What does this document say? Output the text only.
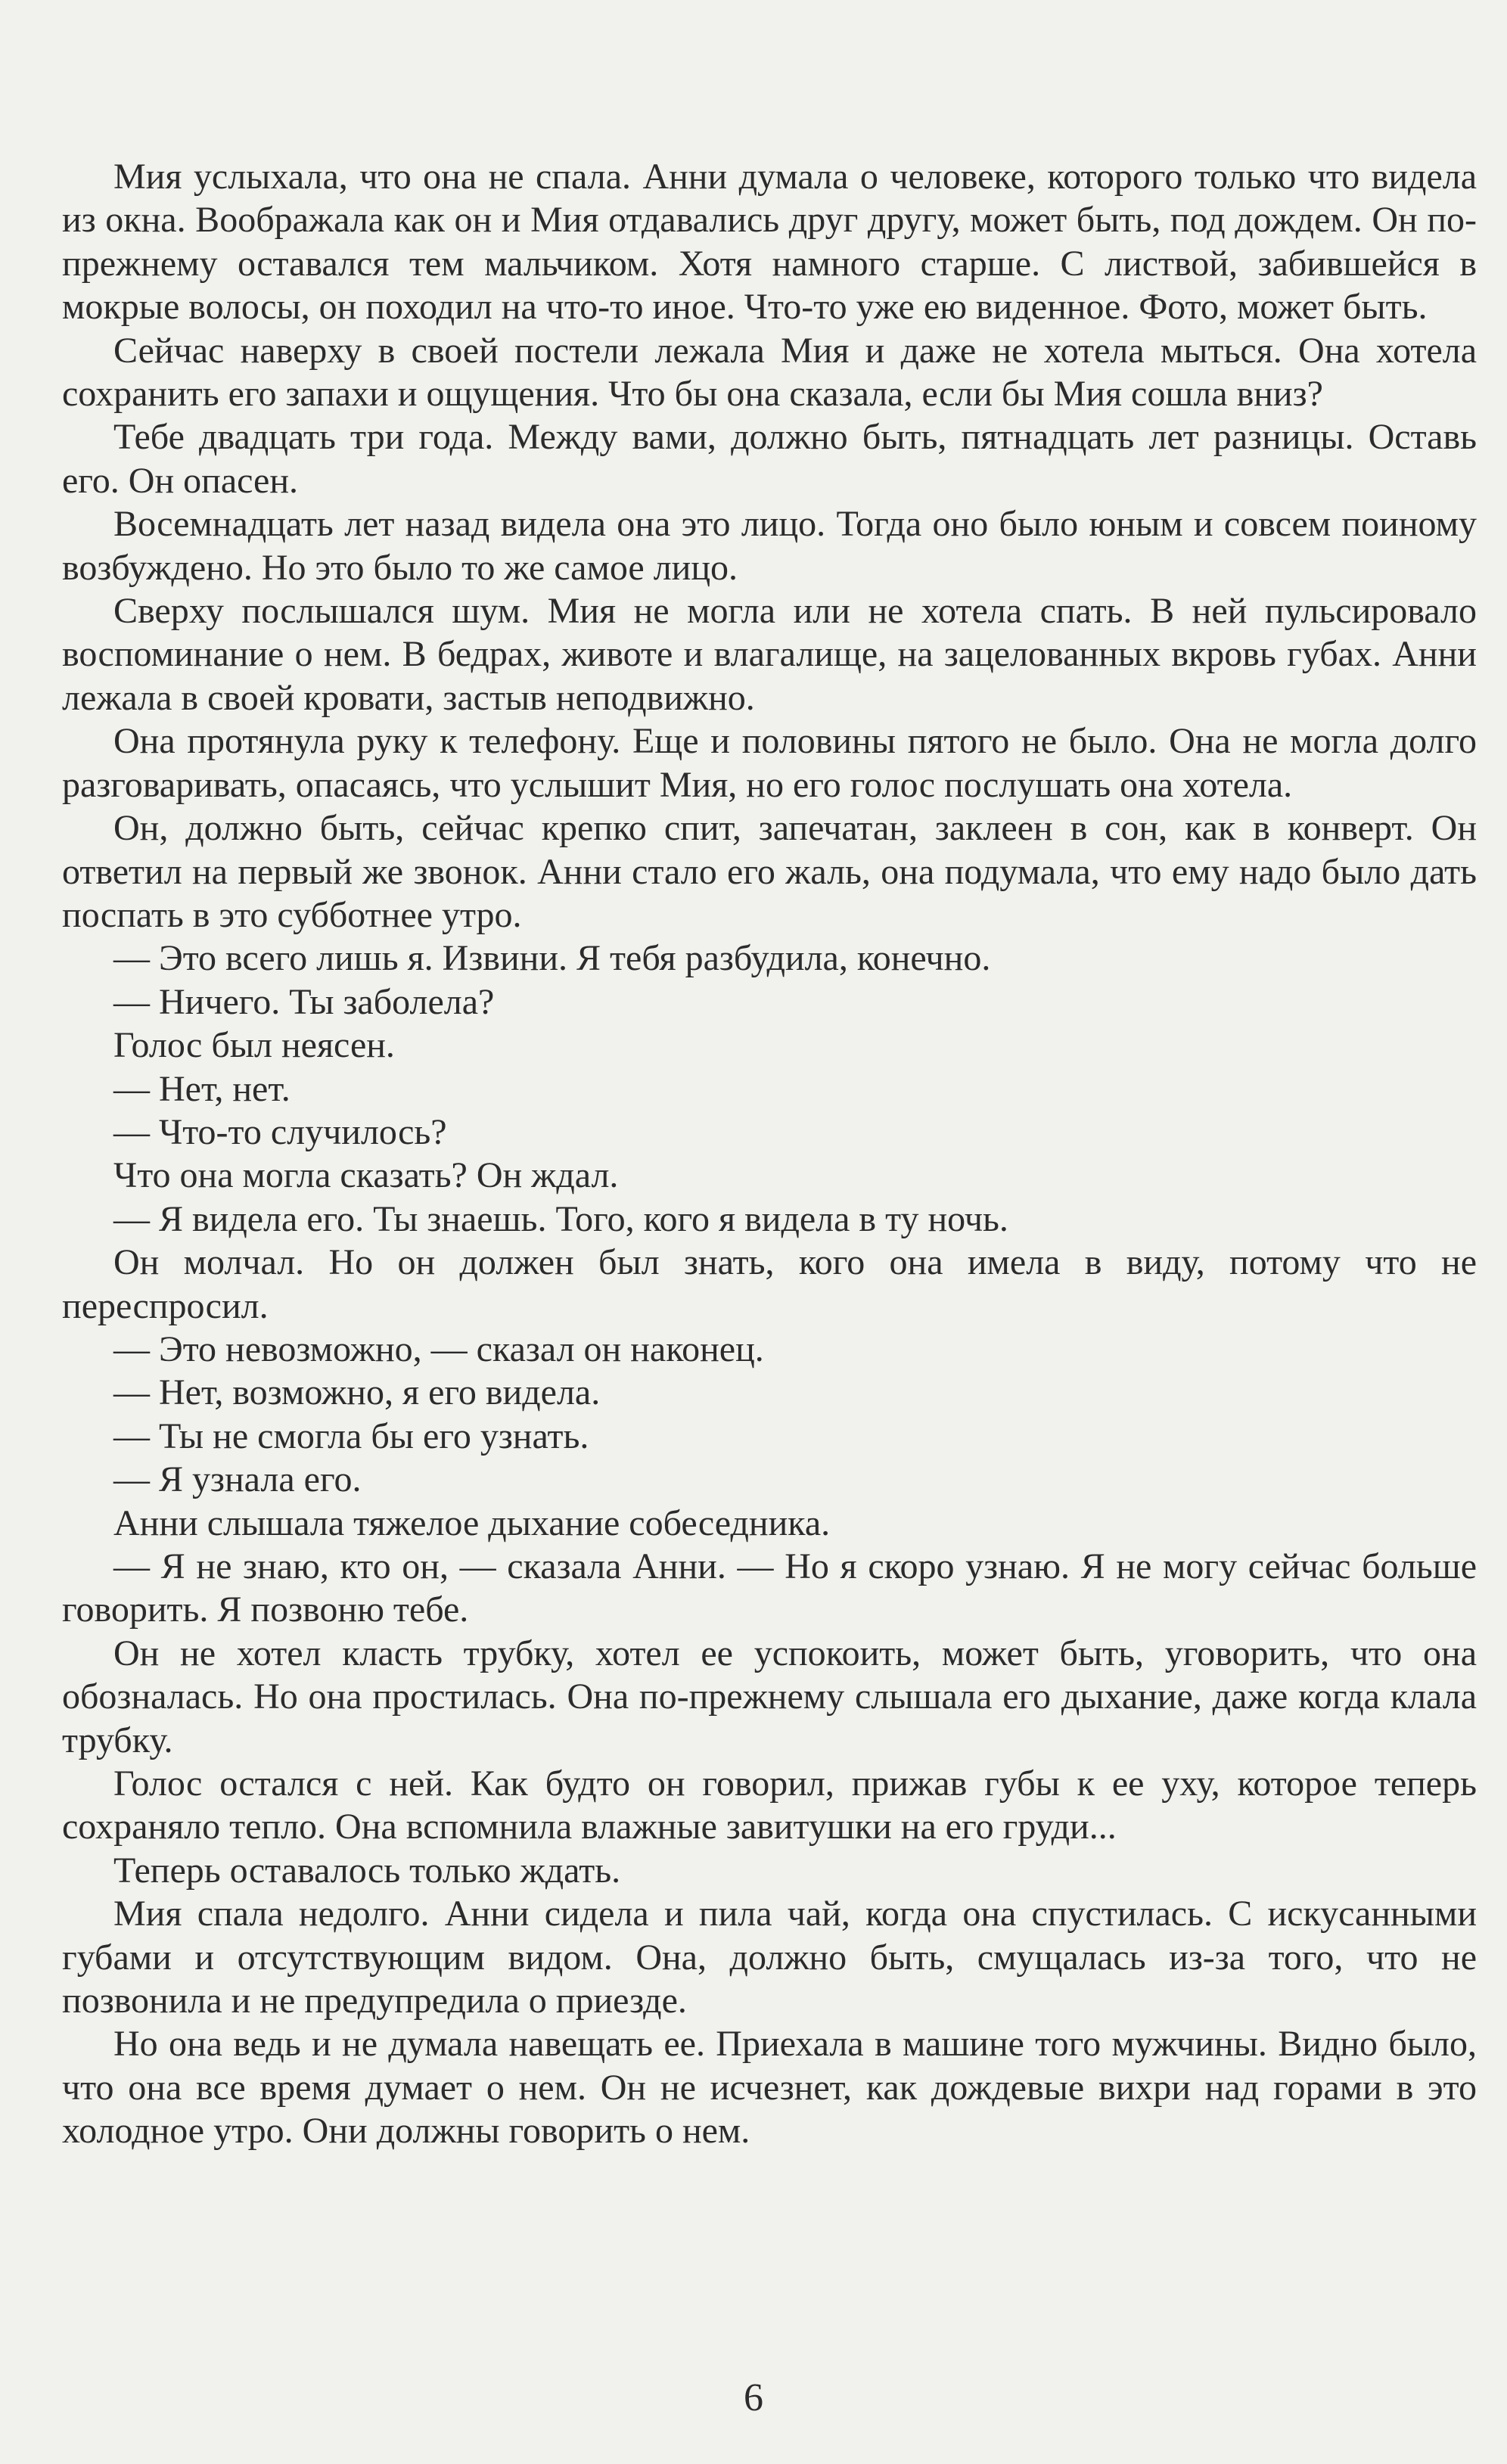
Мия услыхала, что она не спала. Анни думала о человеке, которого только что видела из окна. Воображала как он и Мия отдавались друг другу, может быть, под дождем. Он по-прежнему оставался тем мальчиком. Хотя намного старше. С листвой, забившейся в мокрые волосы, он походил на что-то иное. Что-то уже ею виденное. Фото, может быть.

Сейчас наверху в своей постели лежала Мия и даже не хотела мыться. Она хотела сохранить его запахи и ощущения. Что бы она сказала, если бы Мия сошла вниз?

Тебе двадцать три года. Между вами, должно быть, пятнадцать лет разницы. Оставь его. Он опасен.

Восемнадцать лет назад видела она это лицо. Тогда оно было юным и совсем поиному возбуждено. Но это было то же самое лицо.

Сверху послышался шум. Мия не могла или не хотела спать. В ней пульсировало воспоминание о нем. В бедрах, животе и влагалище, на зацелованных вкровь губах. Анни лежала в своей кровати, застыв неподвижно.

Она протянула руку к телефону. Еще и половины пятого не было. Она не могла долго разговаривать, опасаясь, что услышит Мия, но его голос послушать она хотела.

Он, должно быть, сейчас крепко спит, запечатан, заклеен в сон, как в конверт. Он ответил на первый же звонок. Анни стало его жаль, она подумала, что ему надо было дать поспать в это субботнее утро.

— Это всего лишь я. Извини. Я тебя разбудила, конечно.

— Ничего. Ты заболела?

Голос был неясен.

— Нет, нет.

— Что-то случилось?

Что она могла сказать? Он ждал.

— Я видела его. Ты знаешь. Того, кого я видела в ту ночь.

Он молчал. Но он должен был знать, кого она имела в виду, потому что не переспросил.

— Это невозможно, — сказал он наконец.

— Нет, возможно, я его видела.

— Ты не смогла бы его узнать.

— Я узнала его.

Анни слышала тяжелое дыхание собеседника.

— Я не знаю, кто он, — сказала Анни. — Но я скоро узнаю. Я не могу сейчас больше говорить. Я позвоню тебе.

Он не хотел класть трубку, хотел ее успокоить, может быть, уговорить, что она обозналась. Но она простилась. Она по-прежнему слышала его дыхание, даже когда клала трубку.

Голос остался с ней. Как будто он говорил, прижав губы к ее уху, которое теперь сохраняло тепло. Она вспомнила влажные завитушки на его груди...

Теперь оставалось только ждать.

Мия спала недолго. Анни сидела и пила чай, когда она спустилась. С искусанными губами и отсутствующим видом. Она, должно быть, смущалась из-за того, что не позвонила и не предупредила о приезде.

Но она ведь и не думала навещать ее. Приехала в машине того мужчины. Видно было, что она все время думает о нем. Он не исчезнет, как дождевые вихри над горами в это холодное утро. Они должны говорить о нем.

6
